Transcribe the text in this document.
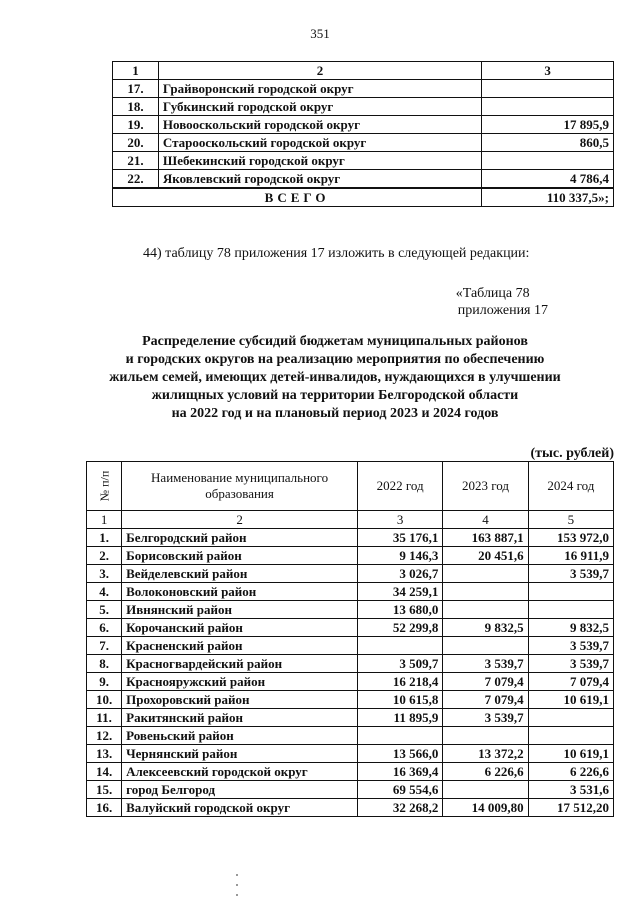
351
1	2	3
17.	Грайворонский городской округ	
18.	Губкинский городской округ	
19.	Новооскольский городской округ	17 895,9
20.	Старооскольский городской округ	860,5
21.	Шебекинский городской округ	
22.	Яковлевский городской округ	4 786,4
ВСЕГО		110 337,5»;
44) таблицу 78 приложения 17 изложить в следующей редакции:
«Таблица 78
приложения 17
Распределение субсидий бюджетам муниципальных районов
и городских округов на реализацию мероприятия по обеспечению
жильем семей, имеющих детей-инвалидов, нуждающихся в улучшении
жилищных условий на территории Белгородской области
на 2022 год и на плановый период 2023 и 2024 годов
(тыс. рублей)
№ п/п	Наименование муниципального образования	2022 год	2023 год	2024 год
1	2	3	4	5
1.	Белгородский район	35 176,1	163 887,1	153 972,0
2.	Борисовский район	9 146,3	20 451,6	16 911,9
3.	Вейделевский район	3 026,7		3 539,7
4.	Волоконовский район	34 259,1		
5.	Ивнянский район	13 680,0		
6.	Корочанский район	52 299,8	9 832,5	9 832,5
7.	Красненский район			3 539,7
8.	Красногвардейский район	3 509,7	3 539,7	3 539,7
9.	Краснояружский район	16 218,4	7 079,4	7 079,4
10.	Прохоровский район	10 615,8	7 079,4	10 619,1
11.	Ракитянский район	11 895,9	3 539,7	
12.	Ровеньский район			
13.	Чернянский район	13 566,0	13 372,2	10 619,1
14.	Алексеевский городской округ	16 369,4	6 226,6	6 226,6
15.	город Белгород	69 554,6		3 531,6
16.	Валуйский городской округ	32 268,2	14 009,80	17 512,20
